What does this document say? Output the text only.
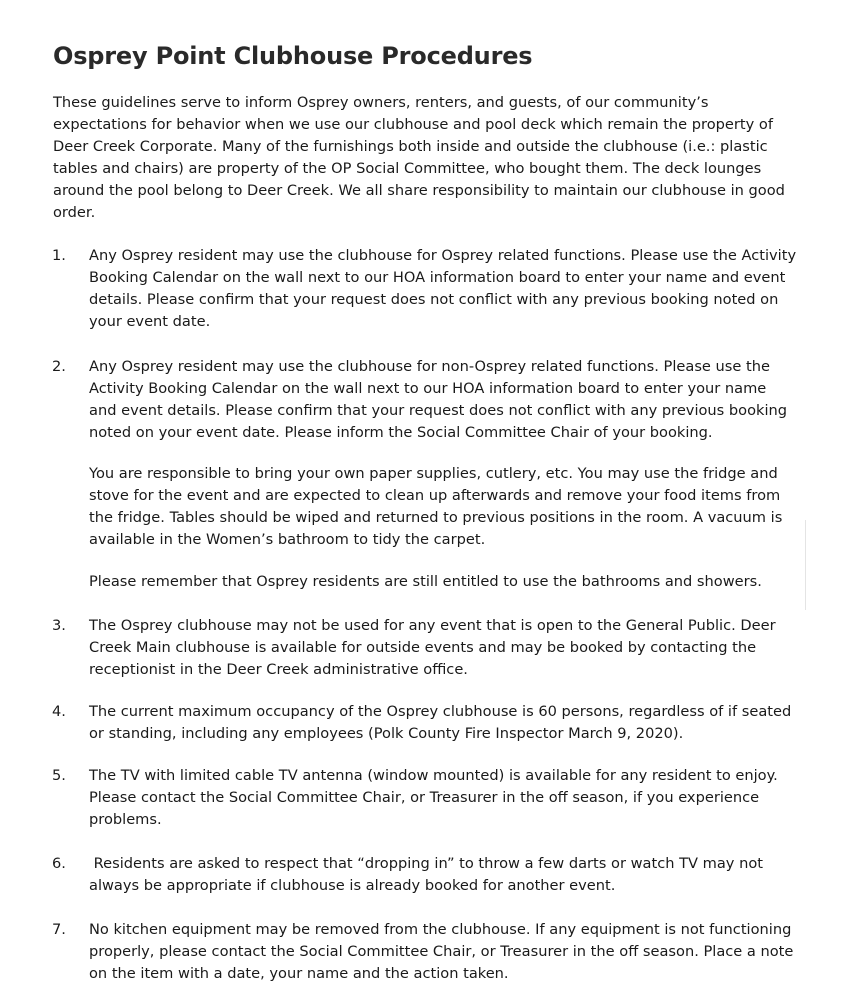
Osprey Point Clubhouse Procedures
These guidelines serve to inform Osprey owners, renters, and guests, of our community’s
expectations for behavior when we use our clubhouse and pool deck which remain the property of
Deer Creek Corporate. Many of the furnishings both inside and outside the clubhouse (i.e.: plastic
tables and chairs) are property of the OP Social Committee, who bought them. The deck lounges
around the pool belong to Deer Creek. We all share responsibility to maintain our clubhouse in good
order.
1. Any Osprey resident may use the clubhouse for Osprey related functions. Please use the Activity
Booking Calendar on the wall next to our HOA information board to enter your name and event
details. Please confirm that your request does not conflict with any previous booking noted on
your event date.
2. Any Osprey resident may use the clubhouse for non-Osprey related functions. Please use the
Activity Booking Calendar on the wall next to our HOA information board to enter your name
and event details. Please confirm that your request does not conflict with any previous booking
noted on your event date. Please inform the Social Committee Chair of your booking.
You are responsible to bring your own paper supplies, cutlery, etc. You may use the fridge and
stove for the event and are expected to clean up afterwards and remove your food items from
the fridge. Tables should be wiped and returned to previous positions in the room. A vacuum is
available in the Women’s bathroom to tidy the carpet.
Please remember that Osprey residents are still entitled to use the bathrooms and showers.
3. The Osprey clubhouse may not be used for any event that is open to the General Public. Deer
Creek Main clubhouse is available for outside events and may be booked by contacting the
receptionist in the Deer Creek administrative office.
4. The current maximum occupancy of the Osprey clubhouse is 60 persons, regardless of if seated
or standing, including any employees (Polk County Fire Inspector March 9, 2020).
5. The TV with limited cable TV antenna (window mounted) is available for any resident to enjoy.
Please contact the Social Committee Chair, or Treasurer in the off season, if you experience
problems.
6. Residents are asked to respect that “dropping in” to throw a few darts or watch TV may not
always be appropriate if clubhouse is already booked for another event.
7. No kitchen equipment may be removed from the clubhouse. If any equipment is not functioning
properly, please contact the Social Committee Chair, or Treasurer in the off season. Place a note
on the item with a date, your name and the action taken.
